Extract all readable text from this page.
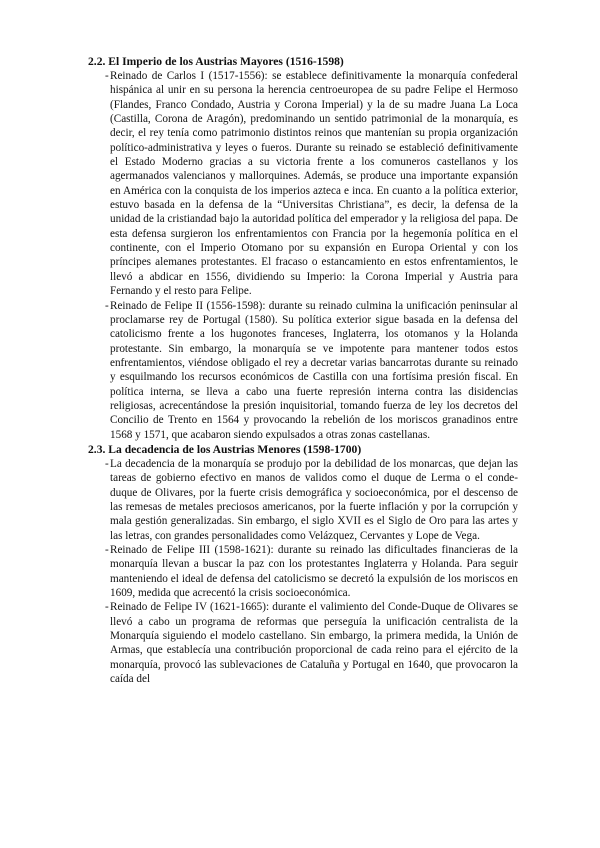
2.2. El Imperio de los Austrias Mayores (1516-1598)

- Reinado de Carlos I (1517-1556): se establece definitivamente la monarquía confederal hispánica al unir en su persona la herencia centroeuropea de su padre Felipe el Hermoso (Flandes, Franco Condado, Austria y Corona Imperial) y la de su madre Juana La Loca (Castilla, Corona de Aragón), predominando un sentido patrimonial de la monarquía, es decir, el rey tenía como patrimonio distintos reinos que mantenían su propia organización político-administrativa y leyes o fueros. Durante su reinado se estableció definitivamente el Estado Moderno gracias a su victoria frente a los comuneros castellanos y los agermanados valencianos y mallorquines. Además, se produce una importante expansión en América con la conquista de los imperios azteca e inca. En cuanto a la política exterior, estuvo basada en la defensa de la “Universitas Christiana”, es decir, la defensa de la unidad de la cristiandad bajo la autoridad política del emperador y la religiosa del papa. De esta defensa surgieron los enfrentamientos con Francia por la hegemonía política en el continente, con el Imperio Otomano por su expansión en Europa Oriental y con los príncipes alemanes protestantes. El fracaso o estancamiento en estos enfrentamientos, le llevó a abdicar en 1556, dividiendo su Imperio: la Corona Imperial y Austria para Fernando y el resto para Felipe.

- Reinado de Felipe II (1556-1598): durante su reinado culmina la unificación peninsular al proclamarse rey de Portugal (1580). Su política exterior sigue basada en la defensa del catolicismo frente a los hugonotes franceses, Inglaterra, los otomanos y la Holanda protestante. Sin embargo, la monarquía se ve impotente para mantener todos estos enfrentamientos, viéndose obligado el rey a decretar varias bancarrotas durante su reinado y esquilmando los recursos económicos de Castilla con una fortísima presión fiscal. En política interna, se lleva a cabo una fuerte represión interna contra las disidencias religiosas, acrecentándose la presión inquisitorial, tomando fuerza de ley los decretos del Concilio de Trento en 1564 y provocando la rebelión de los moriscos granadinos entre 1568 y 1571, que acabaron siendo expulsados a otras zonas castellanas.

2.3. La decadencia de los Austrias Menores (1598-1700)

- La decadencia de la monarquía se produjo por la debilidad de los monarcas, que dejan las tareas de gobierno efectivo en manos de validos como el duque de Lerma o el conde-duque de Olivares, por la fuerte crisis demográfica y socioeconómica, por el descenso de las remesas de metales preciosos americanos, por la fuerte inflación y por la corrupción y mala gestión generalizadas. Sin embargo, el siglo XVII es el Siglo de Oro para las artes y las letras, con grandes personalidades como Velázquez, Cervantes y Lope de Vega.

- Reinado de Felipe III (1598-1621): durante su reinado las dificultades financieras de la monarquía llevan a buscar la paz con los protestantes Inglaterra y Holanda. Para seguir manteniendo el ideal de defensa del catolicismo se decretó la expulsión de los moriscos en 1609, medida que acrecentó la crisis socioeconómica.

- Reinado de Felipe IV (1621-1665): durante el valimiento del Conde-Duque de Olivares se llevó a cabo un programa de reformas que perseguía la unificación centralista de la Monarquía siguiendo el modelo castellano. Sin embargo, la primera medida, la Unión de Armas, que establecía una contribución proporcional de cada reino para el ejército de la monarquía, provocó las sublevaciones de Cataluña y Portugal en 1640, que provocaron la caída del
